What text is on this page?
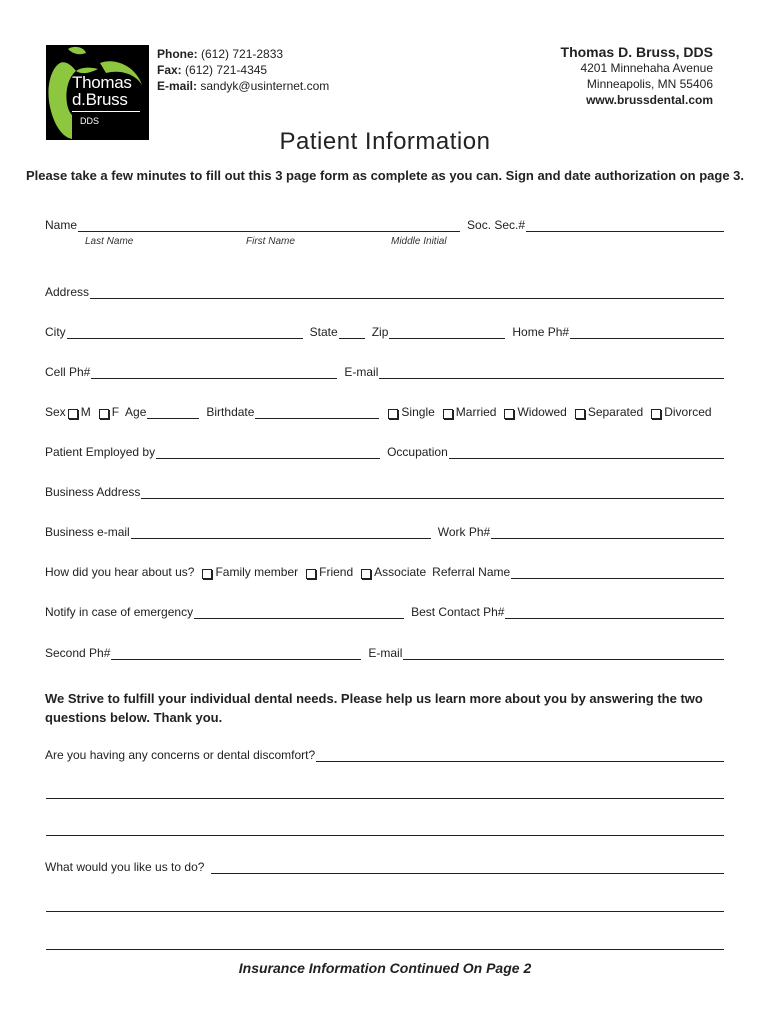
Thomas
d.Bruss
DDS
Phone: (612) 721-2833
Fax: (612) 721-4345
E-mail: sandyk@usinternet.com
Thomas D. Bruss, DDS
4201 Minnehaha Avenue
Minneapolis, MN 55406
www.brussdental.com
Patient Information
Please take a few minutes to fill out this 3 page form as complete as you can. Sign and date authorization on page 3.
Name	Soc. Sec.#
Last Name	First Name	Middle Initial
Address
City	State	Zip	Home Ph#
Cell Ph#	E-mail
Sex M F Age	Birthdate	Single Married Widowed Separated Divorced
Patient Employed by	Occupation
Business Address
Business e-mail	Work Ph#
How did you hear about us? Family member Friend Associate Referral Name
Notify in case of emergency	Best Contact Ph#
Second Ph#	E-mail
We Strive to fulfill your individual dental needs. Please help us learn more about you by answering the two questions below. Thank you.
Are you having any concerns or dental discomfort?
What would you like us to do?
Insurance Information Continued On Page 2
